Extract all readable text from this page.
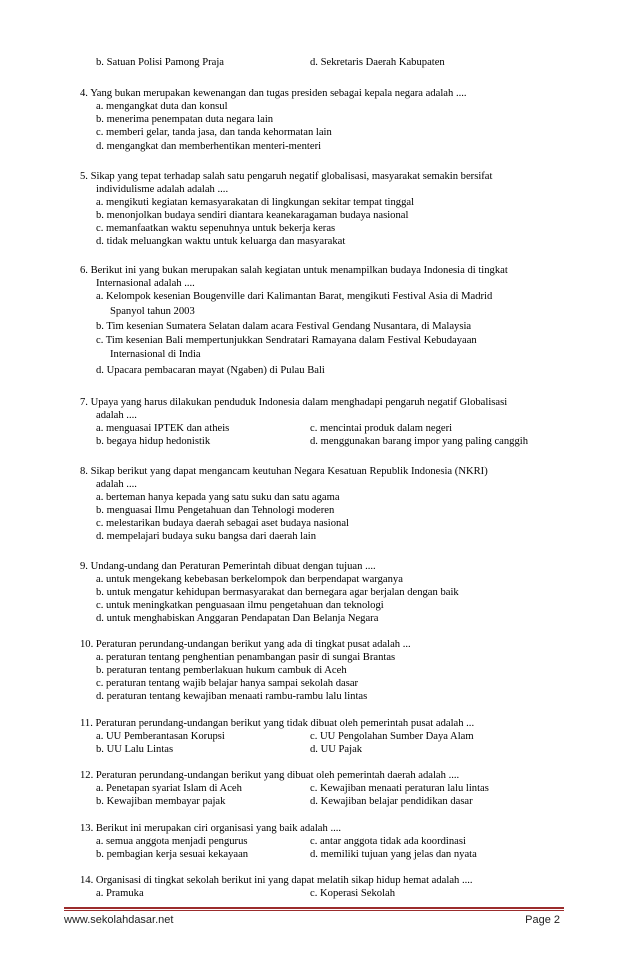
b. Satuan Polisi Pamong Praja	d. Sekretaris Daerah Kabupaten
4. Yang bukan merupakan kewenangan dan tugas presiden sebagai kepala negara adalah ....
a. mengangkat duta dan konsul
b. menerima penempatan duta negara lain
c. memberi gelar, tanda jasa, dan tanda kehormatan lain
d. mengangkat dan memberhentikan menteri-menteri
5. Sikap yang tepat terhadap salah satu pengaruh negatif globalisasi, masyarakat semakin bersifat
individulisme adalah adalah ....
a. mengikuti kegiatan kemasyarakatan di lingkungan sekitar tempat tinggal
b. menonjolkan budaya sendiri diantara keanekaragaman budaya nasional
c. memanfaatkan waktu sepenuhnya untuk bekerja keras
d. tidak meluangkan waktu untuk keluarga dan masyarakat
6. Berikut ini yang bukan merupakan salah kegiatan untuk menampilkan budaya Indonesia di tingkat
Internasional adalah ....
a. Kelompok kesenian Bougenville dari Kalimantan Barat, mengikuti Festival Asia di Madrid
Spanyol tahun 2003
b. Tim kesenian Sumatera Selatan dalam acara Festival Gendang Nusantara, di Malaysia
c. Tim kesenian Bali mempertunjukkan Sendratari Ramayana dalam Festival Kebudayaan
Internasional di India
d. Upacara pembacaran mayat (Ngaben) di Pulau Bali
7. Upaya yang harus dilakukan penduduk Indonesia dalam menghadapi pengaruh negatif Globalisasi
adalah ....
a. menguasai IPTEK dan atheis	c. mencintai produk dalam negeri
b. begaya hidup hedonistik	d. menggunakan barang impor yang paling canggih
8. Sikap berikut yang dapat mengancam keutuhan Negara Kesatuan Republik Indonesia (NKRI)
adalah ....
a. berteman hanya kepada yang satu suku dan satu agama
b. menguasai Ilmu Pengetahuan dan Tehnologi moderen
c. melestarikan budaya daerah sebagai aset budaya nasional
d. mempelajari budaya suku bangsa dari daerah lain
9. Undang-undang dan Peraturan Pemerintah dibuat dengan tujuan ....
a. untuk mengekang kebebasan berkelompok dan berpendapat warganya
b. untuk mengatur kehidupan bermasyarakat dan bernegara agar berjalan dengan baik
c. untuk meningkatkan penguasaan ilmu pengetahuan dan teknologi
d. untuk menghabiskan Anggaran Pendapatan Dan Belanja Negara
10. Peraturan perundang-undangan berikut yang ada di tingkat pusat adalah ...
a. peraturan tentang penghentian penambangan pasir di sungai Brantas
b. peraturan tentang pemberlakuan hukum cambuk di Aceh
c. peraturan tentang wajib belajar hanya sampai sekolah dasar
d. peraturan tentang kewajiban menaati rambu-rambu lalu lintas
11. Peraturan perundang-undangan berikut yang tidak dibuat oleh pemerintah pusat adalah ...
a. UU Pemberantasan Korupsi	c. UU Pengolahan Sumber Daya Alam
b. UU Lalu Lintas	d. UU Pajak
12. Peraturan perundang-undangan berikut yang dibuat oleh pemerintah daerah adalah ....
a. Penetapan syariat Islam di Aceh	c. Kewajiban menaati peraturan lalu lintas
b. Kewajiban membayar pajak	d. Kewajiban belajar pendidikan dasar
13. Berikut ini merupakan ciri organisasi yang baik adalah ....
a. semua anggota menjadi pengurus	c. antar anggota tidak ada koordinasi
b. pembagian kerja sesuai kekayaan	d. memiliki tujuan yang jelas dan nyata
14. Organisasi di tingkat sekolah berikut ini yang dapat melatih sikap hidup hemat adalah ....
a. Pramuka	c. Koperasi Sekolah
www.sekolahdasar.net	Page 2
